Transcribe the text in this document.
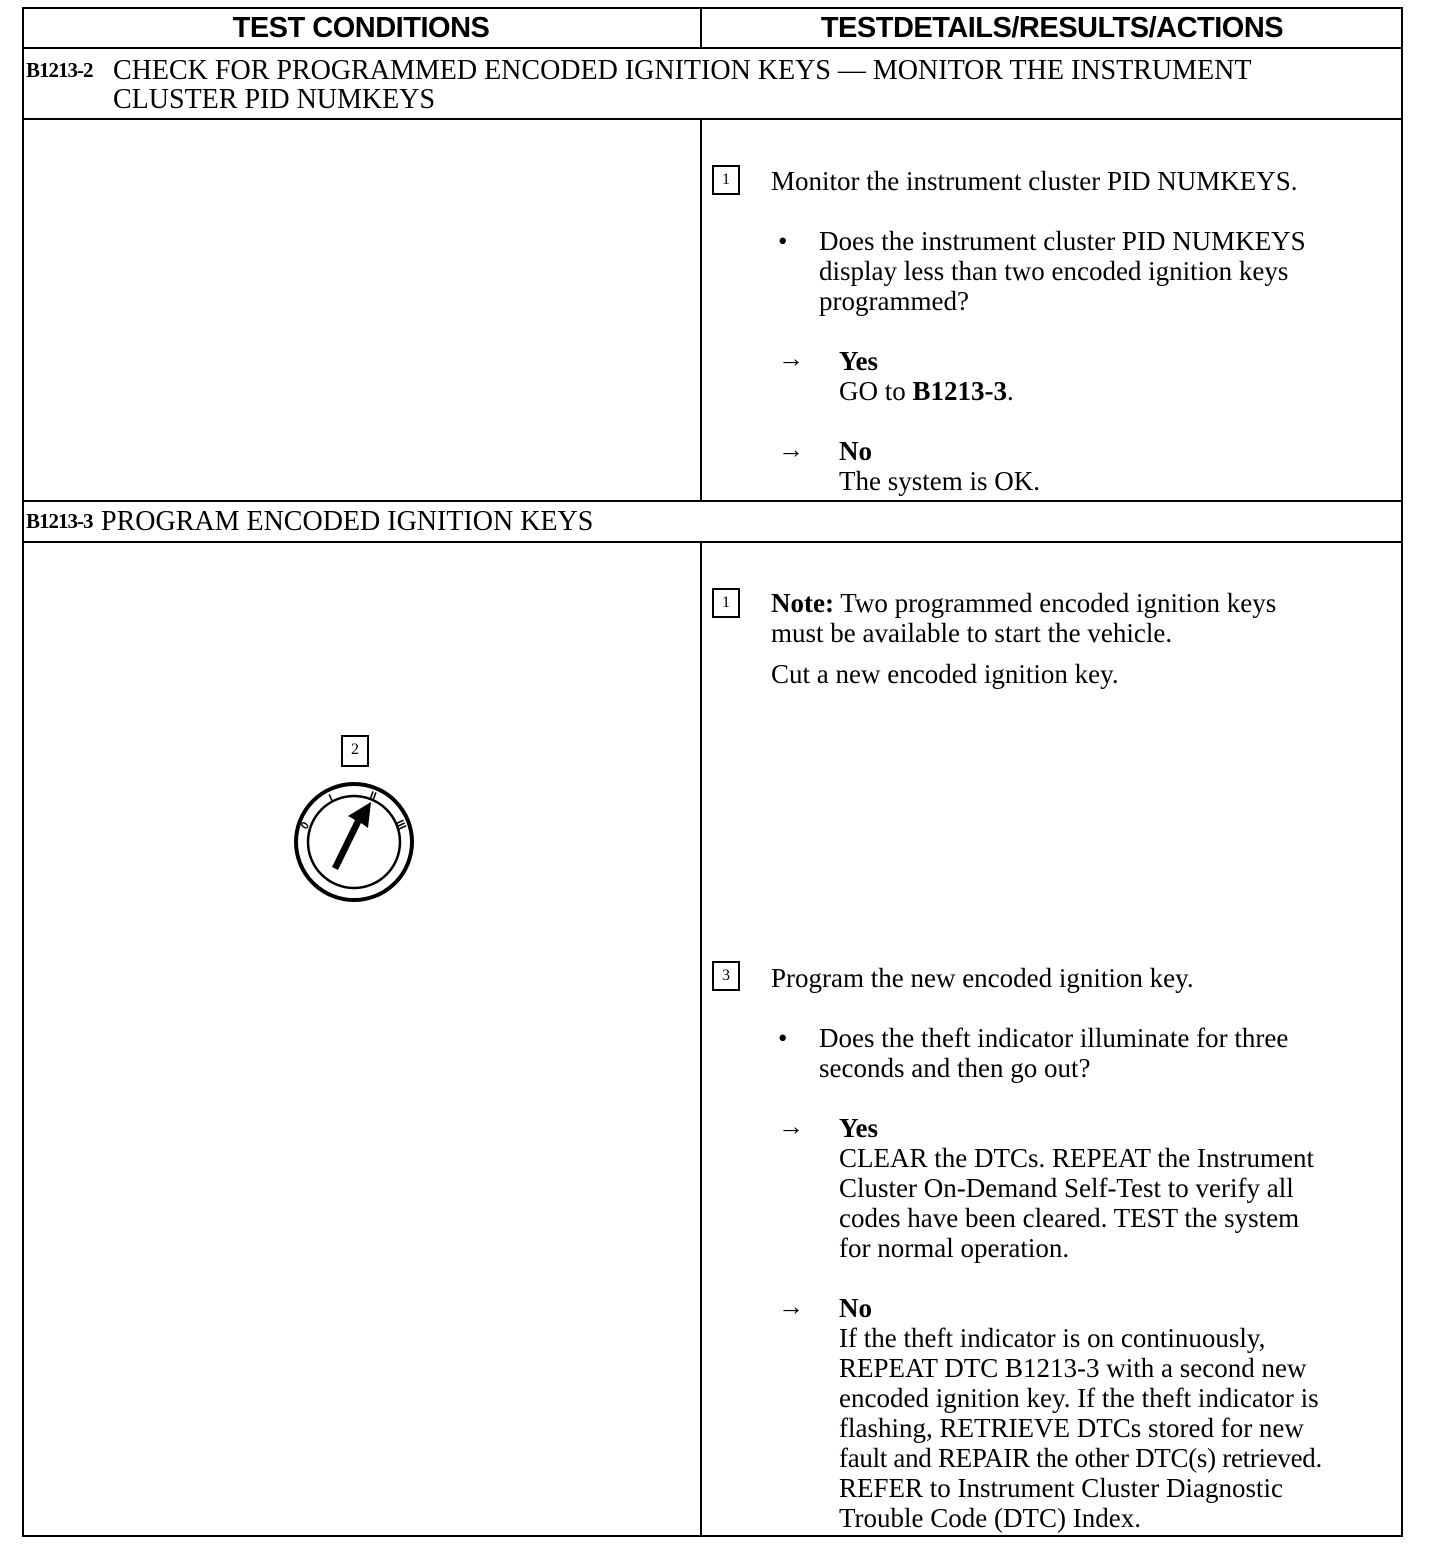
TEST CONDITIONS	TESTDETAILS/RESULTS/ACTIONS
B1213-2 CHECK FOR PROGRAMMED ENCODED IGNITION KEYS — MONITOR THE INSTRUMENT
CLUSTER PID NUMKEYS
1	Monitor the instrument cluster PID NUMKEYS.
• Does the instrument cluster PID NUMKEYS
display less than two encoded ignition keys
programmed?
→ Yes
GO to B1213-3.
→ No
The system is OK.
B1213-3 PROGRAM ENCODED IGNITION KEYS
2
0
I	II
III
1	Note: Two programmed encoded ignition keys
must be available to start the vehicle.
Cut a new encoded ignition key.
3	Program the new encoded ignition key.
• Does the theft indicator illuminate for three
seconds and then go out?
→ Yes
CLEAR the DTCs. REPEAT the Instrument
Cluster On-Demand Self-Test to verify all
codes have been cleared. TEST the system
for normal operation.
→ No
If the theft indicator is on continuously,
REPEAT DTC B1213-3 with a second new
encoded ignition key. If the theft indicator is
flashing, RETRIEVE DTCs stored for new
fault and REPAIR the other DTC(s) retrieved.
REFER to Instrument Cluster Diagnostic
Trouble Code (DTC) Index.
